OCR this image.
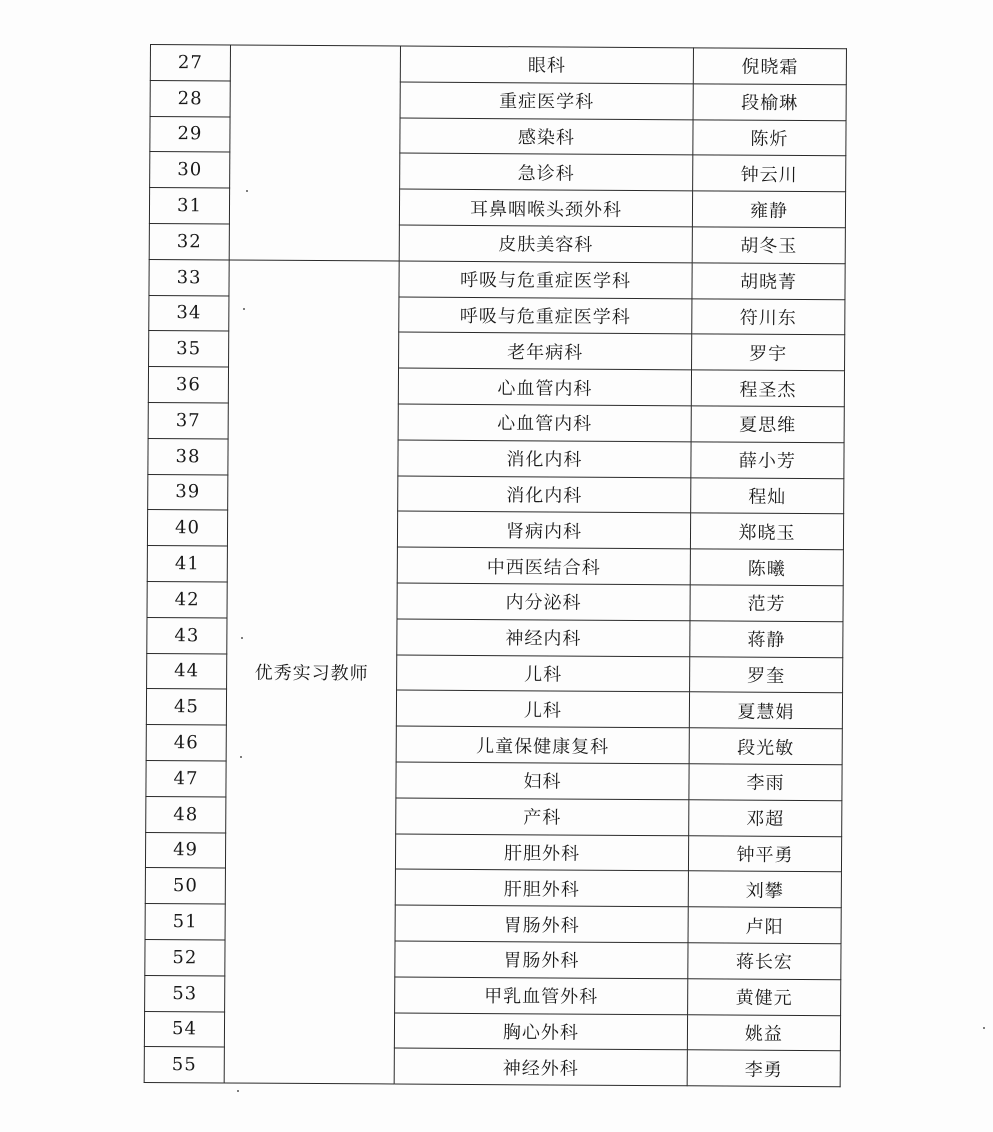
27		眼科	倪晓霜
28		重症医学科	段榆琳
29		感染科	陈炘
30		急诊科	钟云川
31		耳鼻咽喉头颈外科	雍静
32		皮肤美容科	胡冬玉
33	优秀实习教师	呼吸与危重症医学科	胡晓菁
34		呼吸与危重症医学科	符川东
35		老年病科	罗宇
36		心血管内科	程圣杰
37		心血管内科	夏思维
38		消化内科	薛小芳
39		消化内科	程灿
40		肾病内科	郑晓玉
41		中西医结合科	陈曦
42		内分泌科	范芳
43		神经内科	蒋静
44		儿科	罗奎
45		儿科	夏慧娟
46		儿童保健康复科	段光敏
47		妇科	李雨
48		产科	邓超
49		肝胆外科	钟平勇
50		肝胆外科	刘攀
51		胃肠外科	卢阳
52		胃肠外科	蒋长宏
53		甲乳血管外科	黄健元
54		胸心外科	姚益
55		神经外科	李勇
